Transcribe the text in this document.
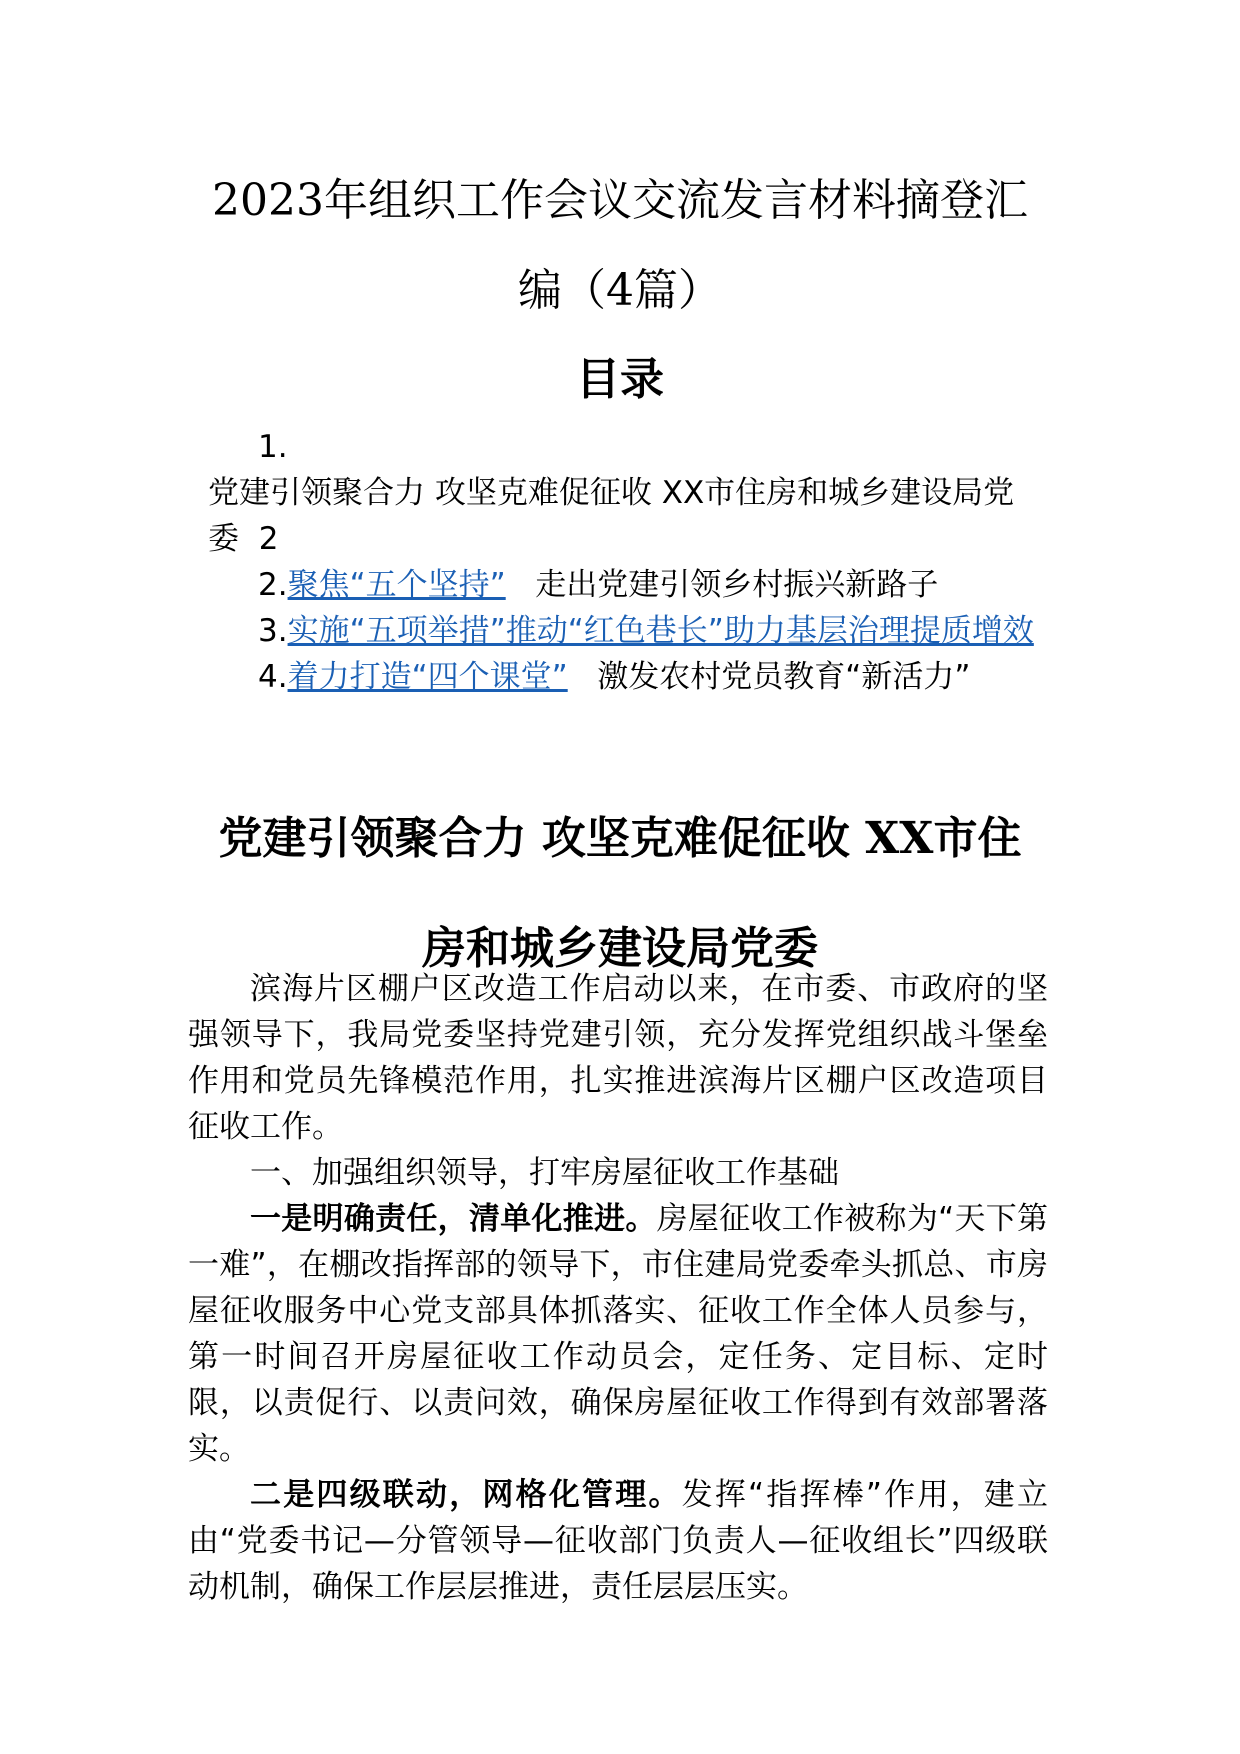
2023年组织工作会议交流发言材料摘登汇
编（4篇）
目录

1.

党建引领聚合力 攻坚克难促征收 XX市住房和城乡建设局党委 2

2.聚焦“五个坚持” 走出党建引领乡村振兴新路子

3.实施“五项举措”推动“红色巷长”助力基层治理提质增效

4.着力打造“四个课堂” 激发农村党员教育“新活力”

党建引领聚合力 攻坚克难促征收 XX市住
房和城乡建设局党委

滨海片区棚户区改造工作启动以来，在市委、市政府的坚强领导下，我局党委坚持党建引领，充分发挥党组织战斗堡垒作用和党员先锋模范作用，扎实推进滨海片区棚户区改造项目征收工作。

一、加强组织领导，打牢房屋征收工作基础

一是明确责任，清单化推进。房屋征收工作被称为“天下第一难”，在棚改指挥部的领导下，市住建局党委牵头抓总、市房屋征收服务中心党支部具体抓落实、征收工作全体人员参与，第一时间召开房屋征收工作动员会，定任务、定目标、定时限，以责促行、以责问效，确保房屋征收工作得到有效部署落实。

二是四级联动，网格化管理。发挥“指挥棒”作用，建立由“党委书记—分管领导—征收部门负责人—征收组长”四级联动机制，确保工作层层推进，责任层层压实。
